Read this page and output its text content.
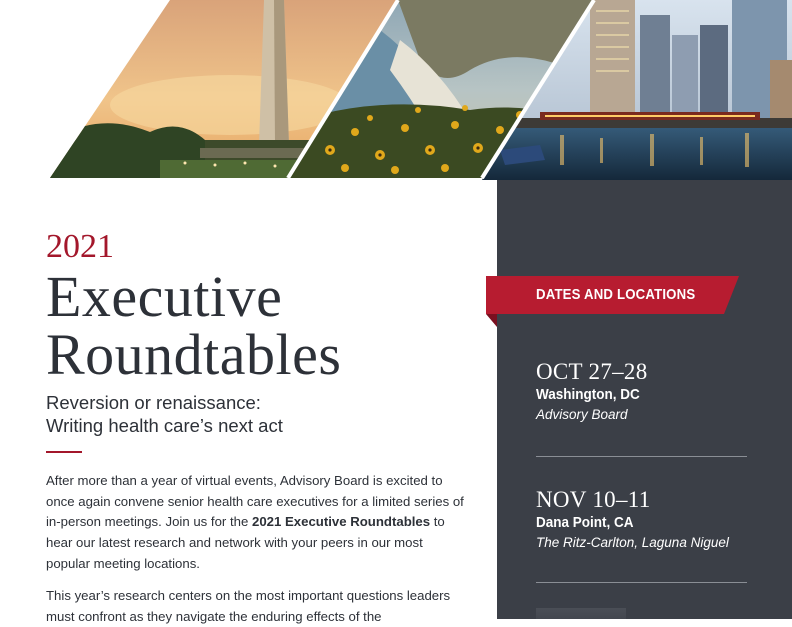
2021
Executive
Roundtables
Reversion or renaissance:
Writing health care’s next act
After more than a year of virtual events, Advisory Board is excited to once again convene senior health care executives for a limited series of in-person meetings. Join us for the 2021 Executive Roundtables to hear our latest research and network with your peers in our most popular meeting locations.
This year’s research centers on the most important questions leaders must confront as they navigate the enduring effects of the
DATES AND LOCATIONS
OCT 27–28
Washington, DC
Advisory Board
NOV 10–11
Dana Point, CA
The Ritz-Carlton, Laguna Niguel
